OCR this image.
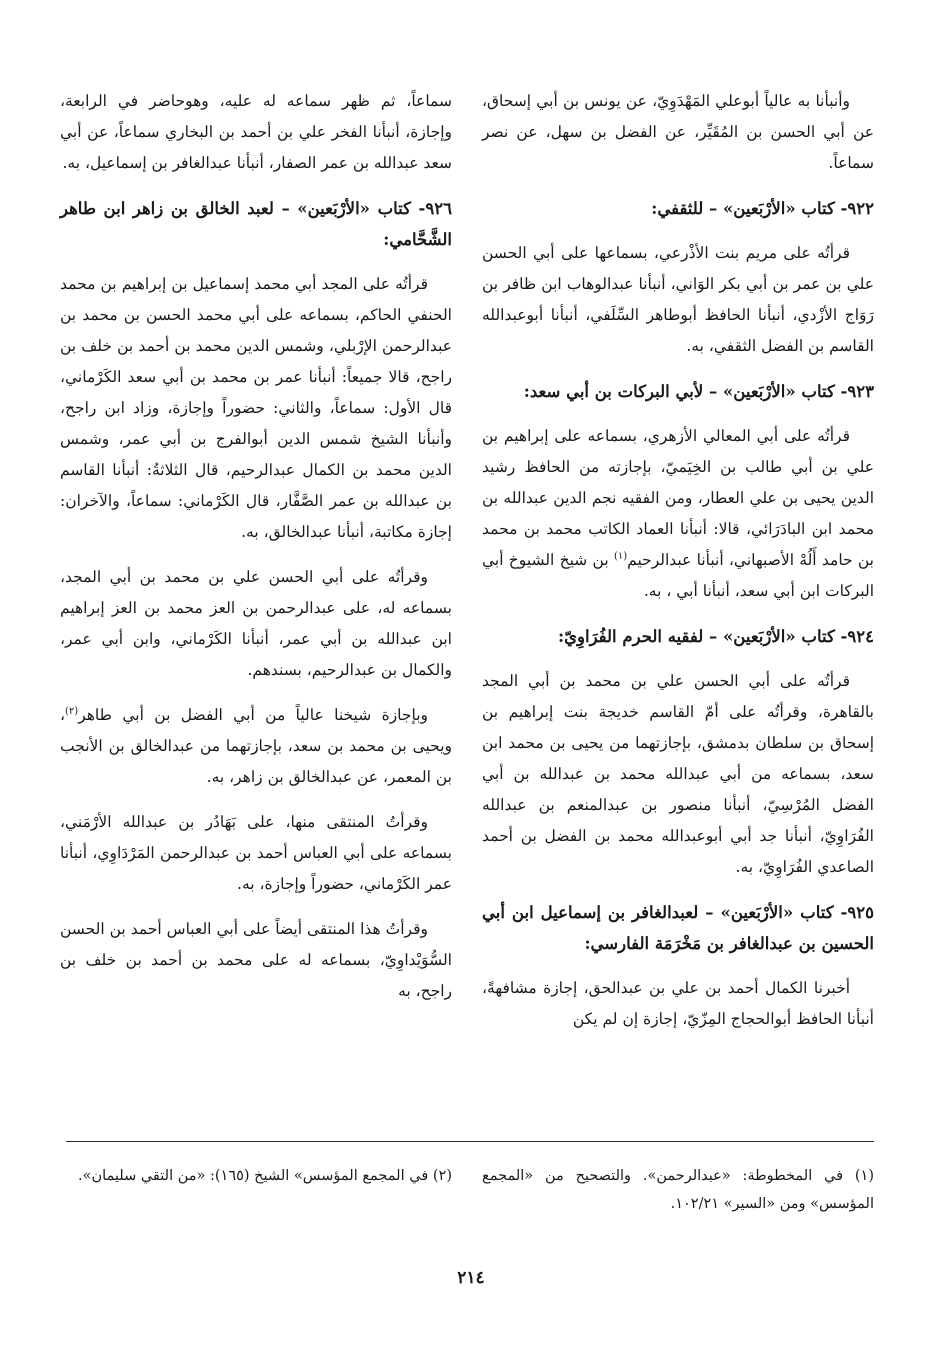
وأنبأنا به عالياً أبوعلي المَهْدَوِيّ، عن يونس بن أبي إسحاق، عن أبي الحسن بن المُقَيِّر، عن الفضل بن سهل، عن نصر سماعاً.

٩٢٢- كتاب «الأرْبَعين» – للثقفي:

قرأتُه على مريم بنت الأذْرعي، بسماعها على أبي الحسن علي بن عمر بن أبي بكر الوَاني، أنبأنا عبدالوهاب ابن ظافر بن رَوَاج الأزْدي، أنبأنا الحافظ أبوطاهر السِّلَفي، أنبأنا أبوعبدالله القاسم بن الفضل الثقفي، به.

٩٢٣- كتاب «الأرْبَعين» – لأبي البركات بن أبي سعد:

قرأتُه على أبي المعالي الأزهري، بسماعه على إبراهيم بن علي بن أبي طالب بن الخِيَميّ، بإجازته من الحافظ رشيد الدين يحيى بن علي العطار، ومن الفقيه نجم الدين عبدالله بن محمد ابن البادَرَائي، قالا: أنبأنا العماد الكاتب محمد بن محمد بن حامد أَلُهْ الأصبهاني، أنبأنا عبدالرحيم$^{(١)}$ بن شيخ الشيوخ أبي البركات ابن أبي سعد، أنبأنا أبي ، به.

٩٢٤- كتاب «الأرْبَعين» – لفقيه الحرم الفُرَاوِيّ:

قرأتُه على أبي الحسن علي بن محمد بن أبي المجد بالقاهرة، وقرأتُه على أمّ القاسم خديجة بنت إبراهيم بن إسحاق بن سلطان بدمشق، بإجازتهما من يحيى بن محمد ابن سعد، بسماعه من أبي عبدالله محمد بن عبدالله بن أبي الفضل المُرْسِيّ، أنبأنا منصور بن عبدالمنعم بن عبدالله الفُرَاوِيّ، أنبأنا جد أبي أبوعبدالله محمد بن الفضل بن أحمد الصاعدي الفُرَاوِيّ، به.

٩٢٥- كتاب «الأرْبَعين» – لعبدالغافر بن إسماعيل ابن أبي الحسين بن عبدالغافر بن مَخْرَمَة الفارسي:

أخبرنا الكمال أحمد بن علي بن عبدالحق، إجازة مشافهةً، أنبأنا الحافظ أبوالحجاج المِزّيّ، إجازة إن لم يكن

سماعاً، ثم ظهر سماعه له عليه، وهوحاضر في الرابعة، وإجازة، أنبأنا الفخر علي بن أحمد بن البخاري سماعاً، عن أبي سعد عبدالله بن عمر الصفار، أنبأنا عبدالغافر بن إسماعيل، به.

٩٢٦- كتاب «الأرْبَعين» – لعبد الخالق بن زاهر ابن طاهر الشَّحَّامي:

قرأتُه على المجد أبي محمد إسماعيل بن إبراهيم بن محمد الحنفي الحاكم، بسماعه على أبي محمد الحسن بن محمد بن عبدالرحمن الإرْبلي، وشمس الدين محمد بن أحمد بن خلف بن راجح، قالا جميعاً: أنبأنا عمر بن محمد بن أبي سعد الكَرْماني، قال الأول: سماعاً، والثاني: حضوراً وإجازة، وزاد ابن راجح، وأنبأنا الشيخ شمس الدين أبوالفرج بن أبي عمر، وشمس الدين محمد بن الكمال عبدالرحيم، قال الثلاثةُ: أنبأنا القاسم بن عبدالله بن عمر الصَّفَّار، قال الكَرْماني: سماعاً، والآخران: إجازة مكاتبة، أنبأنا عبدالخالق، به.

وقرأتُه على أبي الحسن علي بن محمد بن أبي المجد، بسماعه له، على عبدالرحمن بن العز محمد بن العز إبراهيم ابن عبدالله بن أبي عمر، أنبأنا الكَرْماني، وابن أبي عمر، والكمال بن عبدالرحيم، بسندهم.

وبإجازة شيخنا عالياً من أبي الفضل بن أبي طاهر$^{(٢)}$، ويحيى بن محمد بن سعد، بإجازتهما من عبدالخالق بن الأنجب بن المعمر، عن عبدالخالق بن زاهر، به.

وقرأتُ المنتقى منها، على بَهَادُر بن عبدالله الأرْمَني، بسماعه على أبي العباس أحمد بن عبدالرحمن المَرْدَاوِي، أنبأنا عمر الكَرْماني، حضوراً وإجازة، به.

وقرأتُ هذا المنتقى أيضاً على أبي العباس أحمد بن الحسن السُّوَيْداوِيّ، بسماعه له على محمد بن أحمد بن خلف بن راجح، به

(١) في المخطوطة: «عبدالرحمن». والتصحيح من «المجمع المؤسس» ومن «السير» ١٠٢/٢١.
(٢) في المجمع المؤسس» الشيخ (١٦٥): «من التقي سليمان».
٢١٤
